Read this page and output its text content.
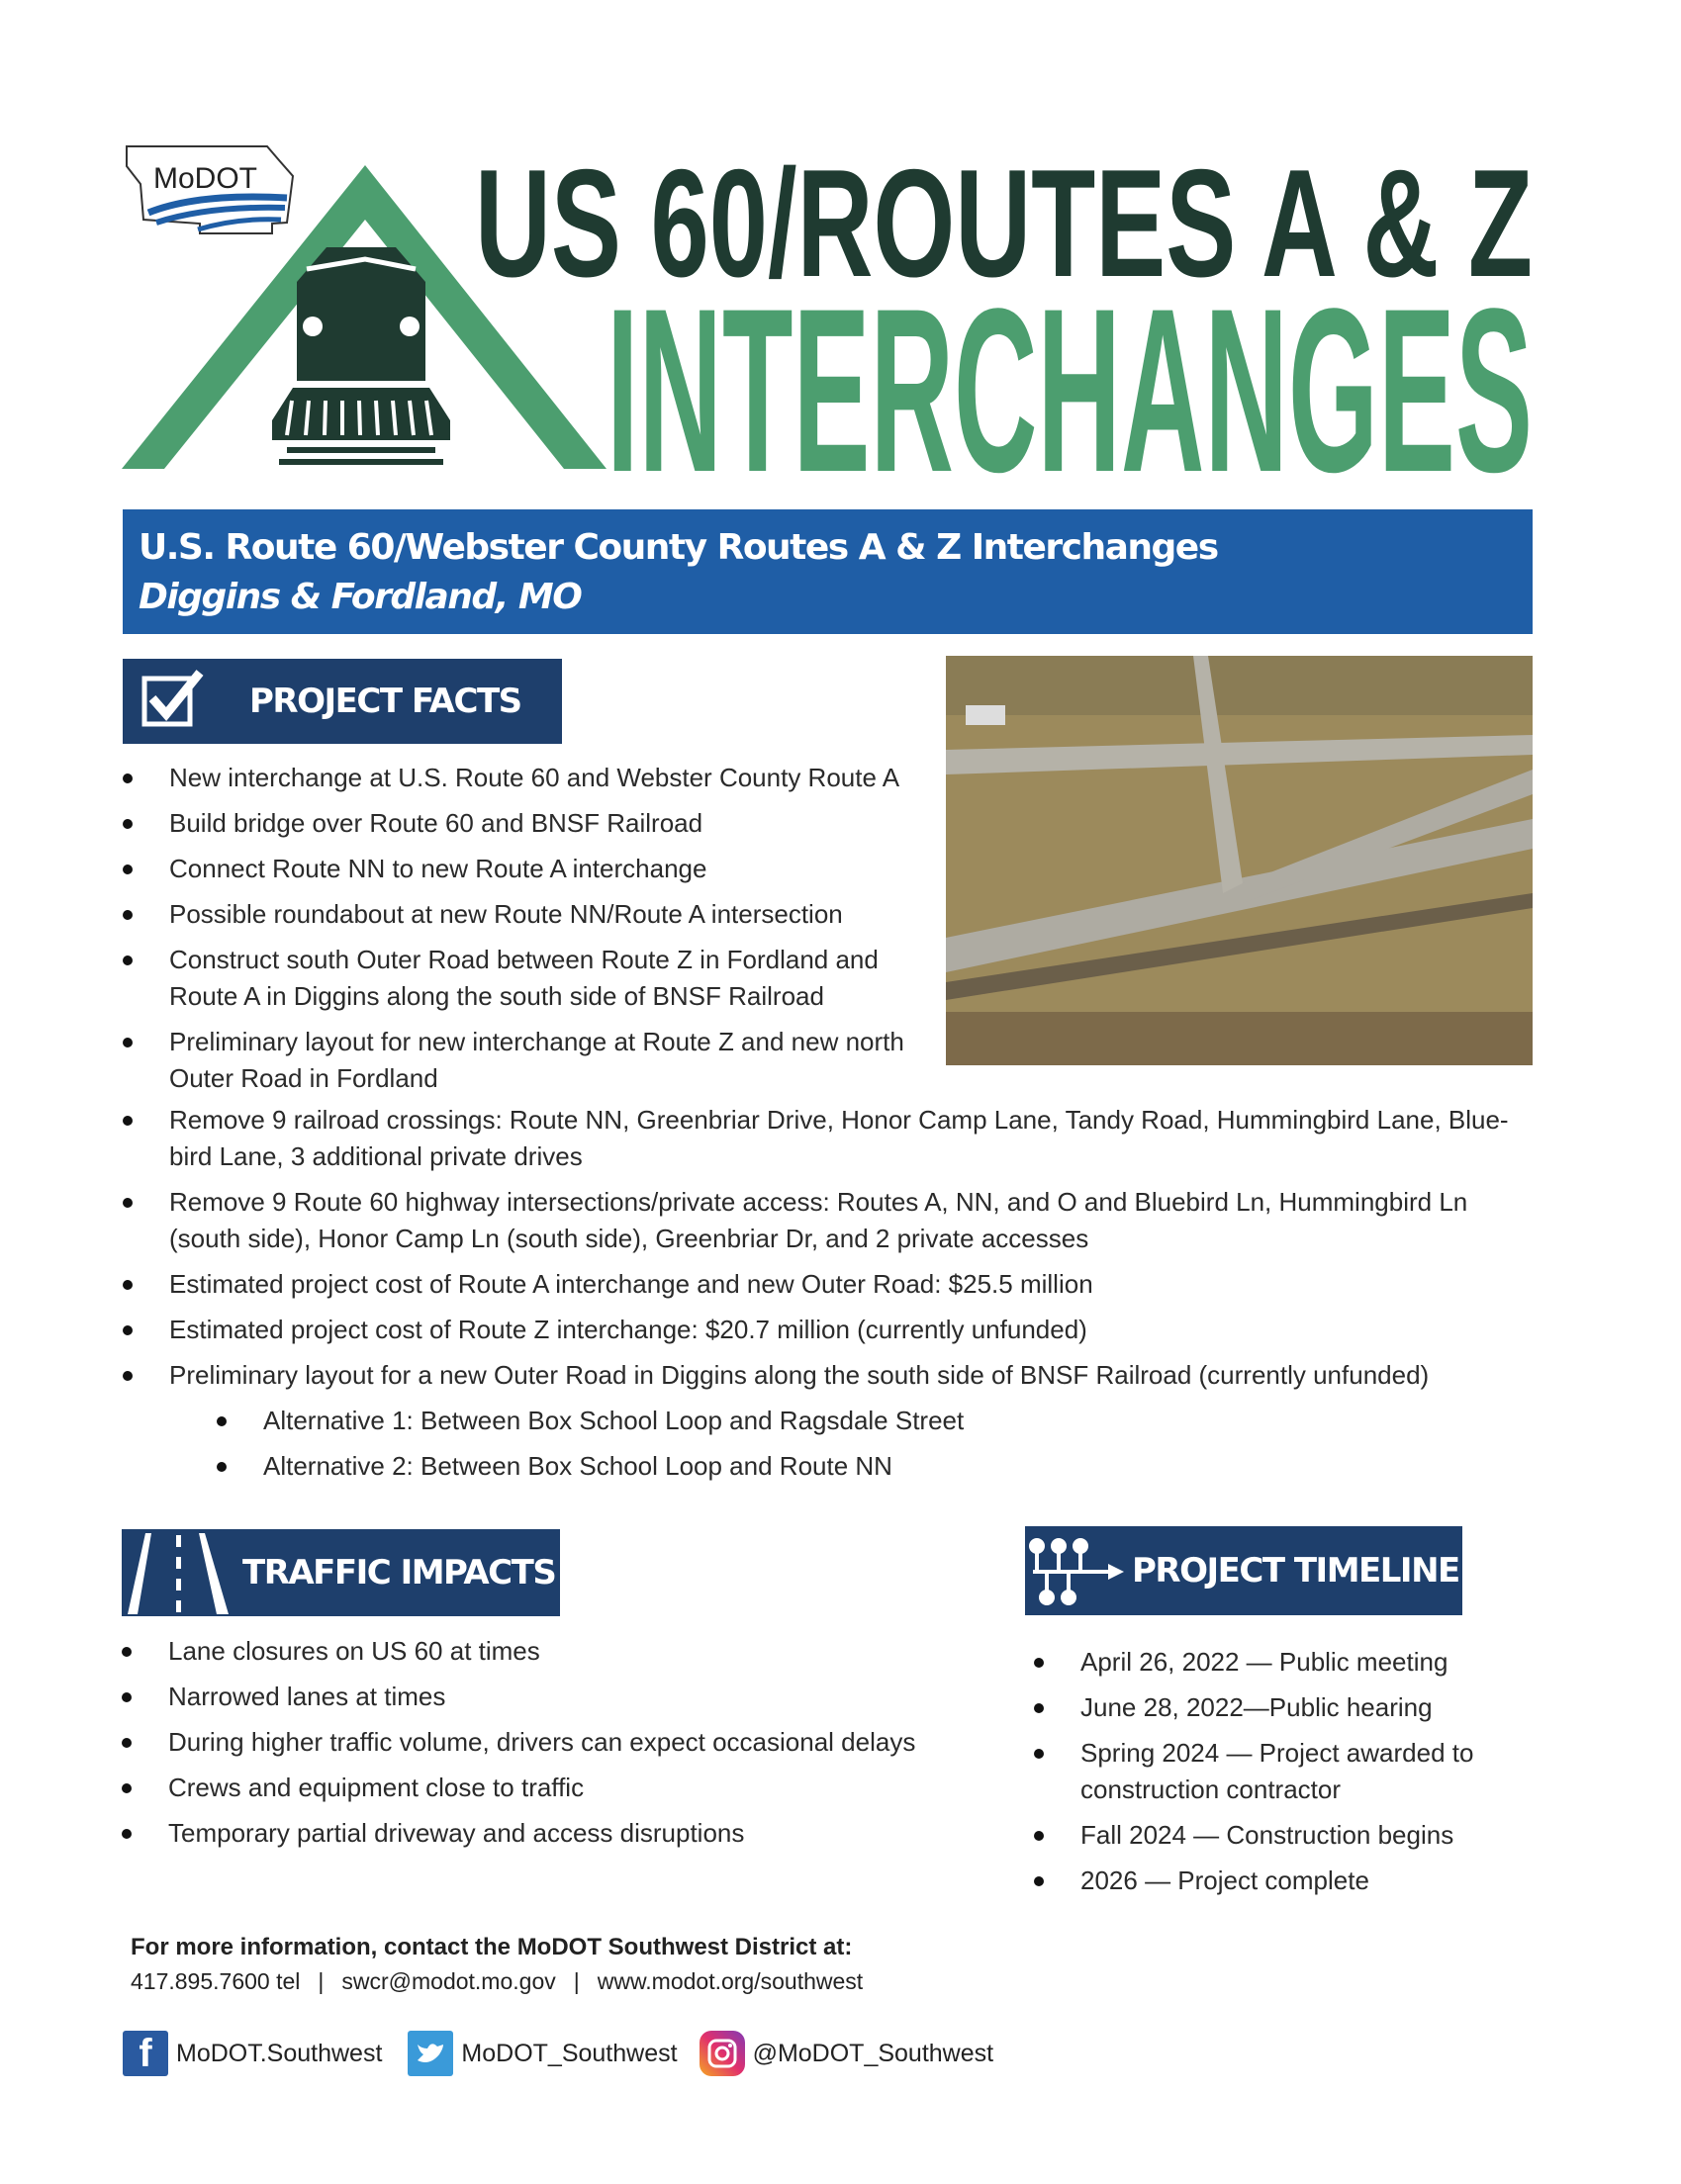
MoDOT US 60/ROUTES A & Z
INTERCHANGES
U.S. Route 60/Webster County Routes A & Z Interchanges
Diggins & Fordland, MO
PROJECT FACTS
New interchange at U.S. Route 60 and Webster County Route A
Build bridge over Route 60 and BNSF Railroad
Connect Route NN to new Route A interchange
Possible roundabout at new Route NN/Route A intersection
Construct south Outer Road between Route Z in Fordland and Route A in Diggins along the south side of BNSF Railroad
Preliminary layout for new interchange at Route Z and new north Outer Road in Fordland
Remove 9 railroad crossings: Route NN, Greenbriar Drive, Honor Camp Lane, Tandy Road, Hummingbird Lane, Blue-bird Lane, 3 additional private drives
Remove 9 Route 60 highway intersections/private access: Routes A, NN, and O and Bluebird Ln, Hummingbird Ln (south side), Honor Camp Ln (south side), Greenbriar Dr, and 2 private accesses
Estimated project cost of Route A interchange and new Outer Road: $25.5 million
Estimated project cost of Route Z interchange: $20.7 million (currently unfunded)
Preliminary layout for a new Outer Road in Diggins along the south side of BNSF Railroad (currently unfunded)
Alternative 1: Between Box School Loop and Ragsdale Street
Alternative 2: Between Box School Loop and Route NN
TRAFFIC IMPACTS
Lane closures on US 60 at times
Narrowed lanes at times
During higher traffic volume, drivers can expect occasional delays
Crews and equipment close to traffic
Temporary partial driveway and access disruptions
PROJECT TIMELINE
April 26, 2022 — Public meeting
June 28, 2022—Public hearing
Spring 2024 — Project awarded to construction contractor
Fall 2024 — Construction begins
2026 — Project complete
For more information, contact the MoDOT Southwest District at:
417.895.7600 tel | swcr@modot.mo.gov | www.modot.org/southwest
f MoDOT.Southwest	MoDOT_Southwest	@MoDOT_Southwest
